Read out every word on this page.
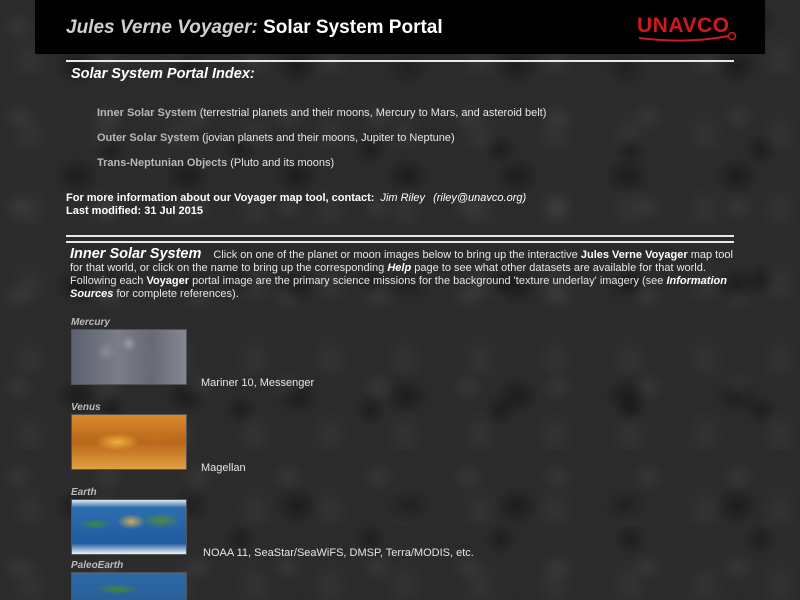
Jules Verne Voyager: Solar System Portal	UNAVCO
Solar System Portal Index:
Inner Solar System (terrestrial planets and their moons, Mercury to Mars, and asteroid belt)
Outer Solar System (jovian planets and their moons, Jupiter to Neptune)
Trans-Neptunian Objects (Pluto and its moons)
For more information about our Voyager map tool, contact: Jim Riley (riley@unavco.org)
Last modified: 31 Jul 2015
Inner Solar System Click on one of the planet or moon images below to bring up the interactive Jules Verne Voyager map tool for that world, or click on the name to bring up the corresponding Help page to see what other datasets are available for that world. Following each Voyager portal image are the primary science missions for the background 'texture underlay' imagery (see Information Sources for complete references).
Mercury
Mariner 10, Messenger
Venus
Magellan
Earth
NOAA 11, SeaStar/SeaWiFS, DMSP, Terra/MODIS, etc.
PaleoEarth
